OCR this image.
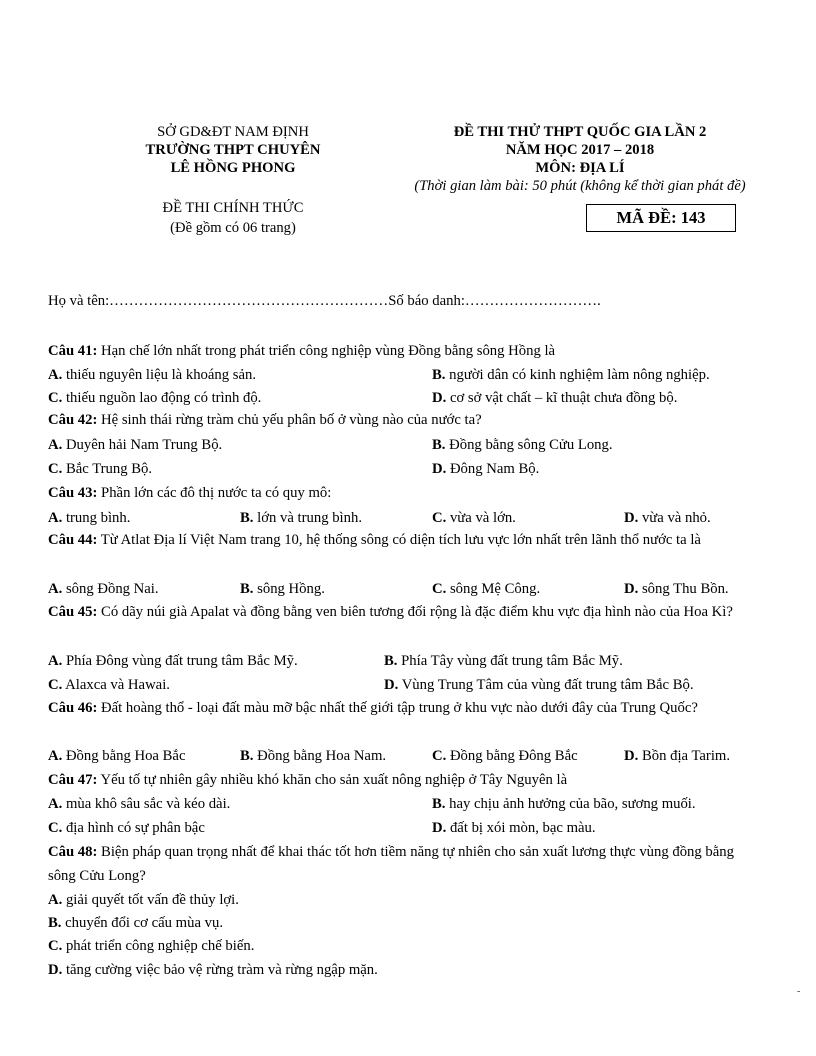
SỞ GD&ĐT NAM ĐỊNH
TRƯỜNG THPT CHUYÊN
LÊ HỒNG PHONG
ĐỀ THI CHÍNH THỨC
(Đề gồm có 06 trang)
ĐỀ THI THỬ THPT QUỐC GIA LẦN 2
NĂM HỌC 2017 – 2018
MÔN: ĐỊA LÍ
(Thời gian làm bài: 50 phút (không kể thời gian phát đề)
MÃ ĐỀ: 143
Họ và tên:…………………………………………………Số báo danh:……………………….
Câu 41: Hạn chế lớn nhất trong phát triển công nghiệp vùng Đồng bằng sông Hồng là
A. thiếu nguyên liệu là khoáng sản.	B. người dân có kinh nghiệm làm nông nghiệp.
C. thiếu nguồn lao động có trình độ.	D. cơ sở vật chất – kĩ thuật chưa đồng bộ.
Câu 42: Hệ sinh thái rừng tràm chủ yếu phân bố ở vùng nào của nước ta?
A. Duyên hải Nam Trung Bộ.	B. Đồng bằng sông Cửu Long.
C. Bắc Trung Bộ.	D. Đông Nam Bộ.
Câu 43: Phần lớn các đô thị nước ta có quy mô:
A. trung bình.	B. lớn và trung bình.	C. vừa và lớn.	D. vừa và nhỏ.
Câu 44: Từ Atlat Địa lí Việt Nam trang 10, hệ thống sông có diện tích lưu vực lớn nhất trên lãnh thổ nước ta là
A. sông Đồng Nai.	B. sông Hồng.	C. sông Mệ Công.	D. sông Thu Bồn.
Câu 45: Có dãy núi già Apalat và đồng bằng ven biên tương đối rộng là đặc điểm khu vực địa hình nào của Hoa Kì?
A. Phía Đông vùng đất trung tâm Bắc Mỹ.	B. Phía Tây vùng đất trung tâm Bắc Mỹ.
C. Alaxca và Hawai.	D. Vùng Trung Tâm của vùng đất trung tâm Bắc Bộ.
Câu 46: Đất hoàng thổ - loại đất màu mỡ bậc nhất thế giới tập trung ở khu vực nào dưới đây của Trung Quốc?
A. Đồng bằng Hoa Bắc	B. Đồng bằng Hoa Nam.	C. Đồng bằng Đông Bắc	D. Bồn địa Tarim.
Câu 47: Yếu tố tự nhiên gây nhiều khó khăn cho sản xuất nông nghiệp ở Tây Nguyên là
A. mùa khô sâu sắc và kéo dài.	B. hay chịu ảnh hưởng của bão, sương muối.
C. địa hình có sự phân bậc	D. đất bị xói mòn, bạc màu.
Câu 48: Biện pháp quan trọng nhất để khai thác tốt hơn tiềm năng tự nhiên cho sản xuất lương thực vùng đồng bằng sông Cửu Long?
A. giải quyết tốt vấn đề thủy lợi.
B. chuyển đổi cơ cấu mùa vụ.
C. phát triển công nghiệp chế biến.
D. tăng cường việc bảo vệ rừng tràm và rừng ngập mặn.
-
